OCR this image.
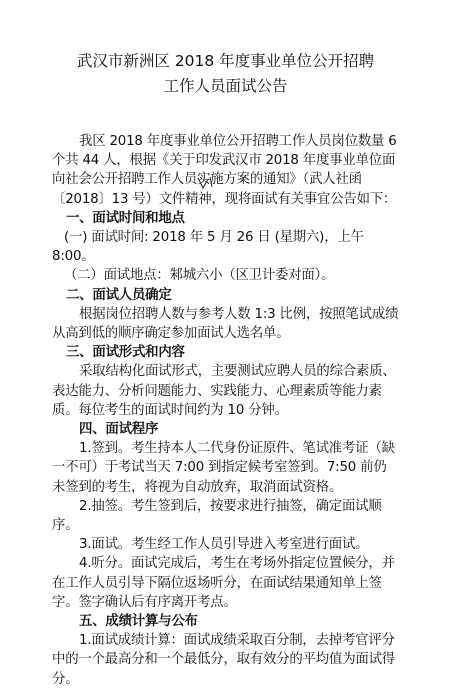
武汉市新洲区 2018 年度事业单位公开招聘
工作人员面试公告

我区 2018 年度事业单位公开招聘工作人员岗位数量 6 个共 44 人，根据《关于印发武汉市 2018 年度事业单位面向社会公开招聘工作人员实施方案的通知》（武人社函〔2018〕13 号）文件精神，现将面试有关事宜公告如下：

一、面试时间和地点

(一) 面试时间: 2018 年 5 月 26 日 (星期六)，上午 8:00。

（二）面试地点：邾城六小（区卫计委对面）。

二、面试人员确定

根据岗位招聘人数与参考人数 1:3 比例，按照笔试成绩从高到低的顺序确定参加面试人选名单。

三、面试形式和内容

采取结构化面试形式，主要测试应聘人员的综合素质、表达能力、分析问题能力、实践能力、心理素质等能力素质。每位考生的面试时间约为 10 分钟。

四、面试程序

1.签到。考生持本人二代身份证原件、笔试准考证（缺一不可）于考试当天 7:00 到指定候考室签到。7:50 前仍未签到的考生，将视为自动放弃，取消面试资格。

2.抽签。考生签到后，按要求进行抽签，确定面试顺序。

3.面试。考生经工作人员引导进入考室进行面试。

4.听分。面试完成后，考生在考场外指定位置候分，并在工作人员引导下隔位返场听分，在面试结果通知单上签字。签字确认后有序离开考点。

五、成绩计算与公布

1.面试成绩计算：面试成绩采取百分制，去掉考官评分中的一个最高分和一个最低分，取有效分的平均值为面试得分。
